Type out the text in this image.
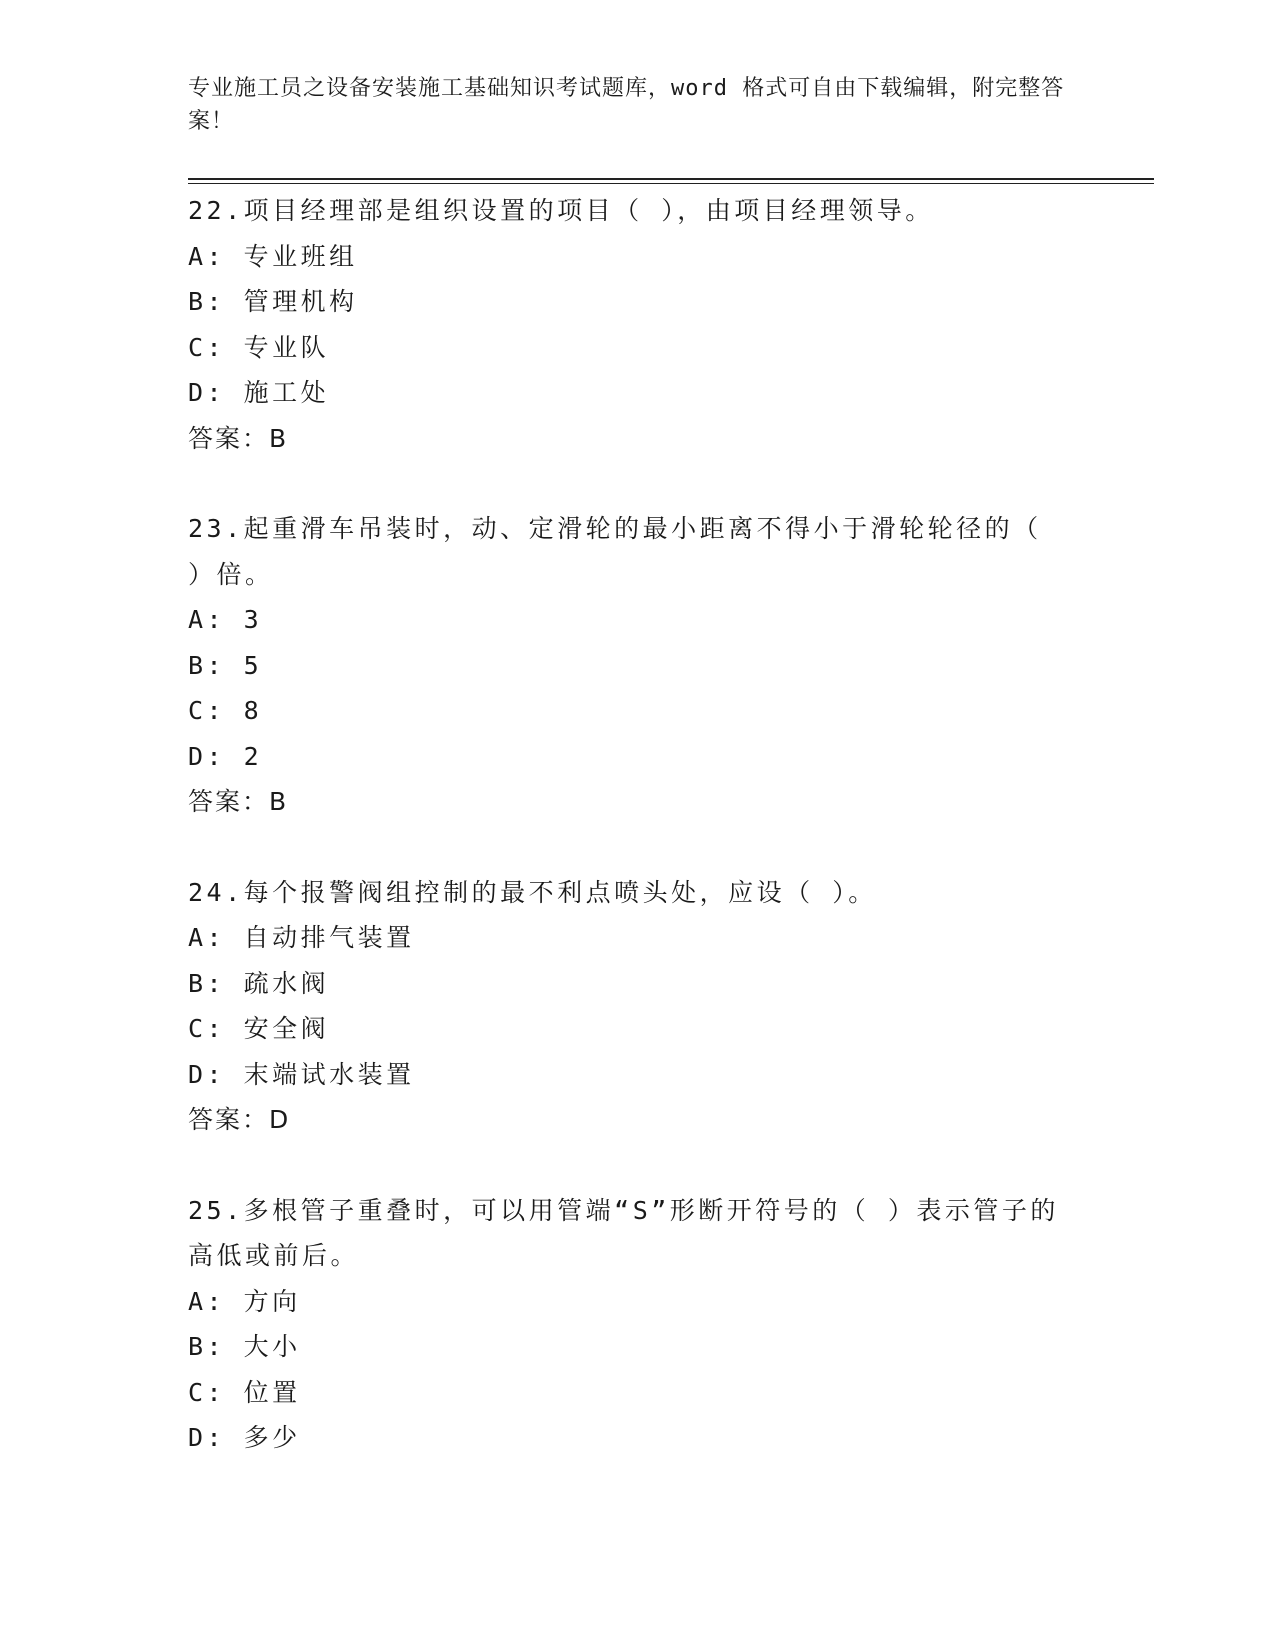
专业施工员之设备安装施工基础知识考试题库，word 格式可自由下载编辑，附完整答案！
22.项目经理部是组织设置的项目（ ），由项目经理领导。
A: 专业班组
B: 管理机构
C: 专业队
D: 施工处
答案：B
23.起重滑车吊装时，动、定滑轮的最小距离不得小于滑轮轮径的（ ）倍。
A: 3
B: 5
C: 8
D: 2
答案：B
24.每个报警阀组控制的最不利点喷头处，应设（ ）。
A: 自动排气装置
B: 疏水阀
C: 安全阀
D: 末端试水装置
答案：D
25.多根管子重叠时，可以用管端“S”形断开符号的（ ）表示管子的高低或前后。
A: 方向
B: 大小
C: 位置
D: 多少
